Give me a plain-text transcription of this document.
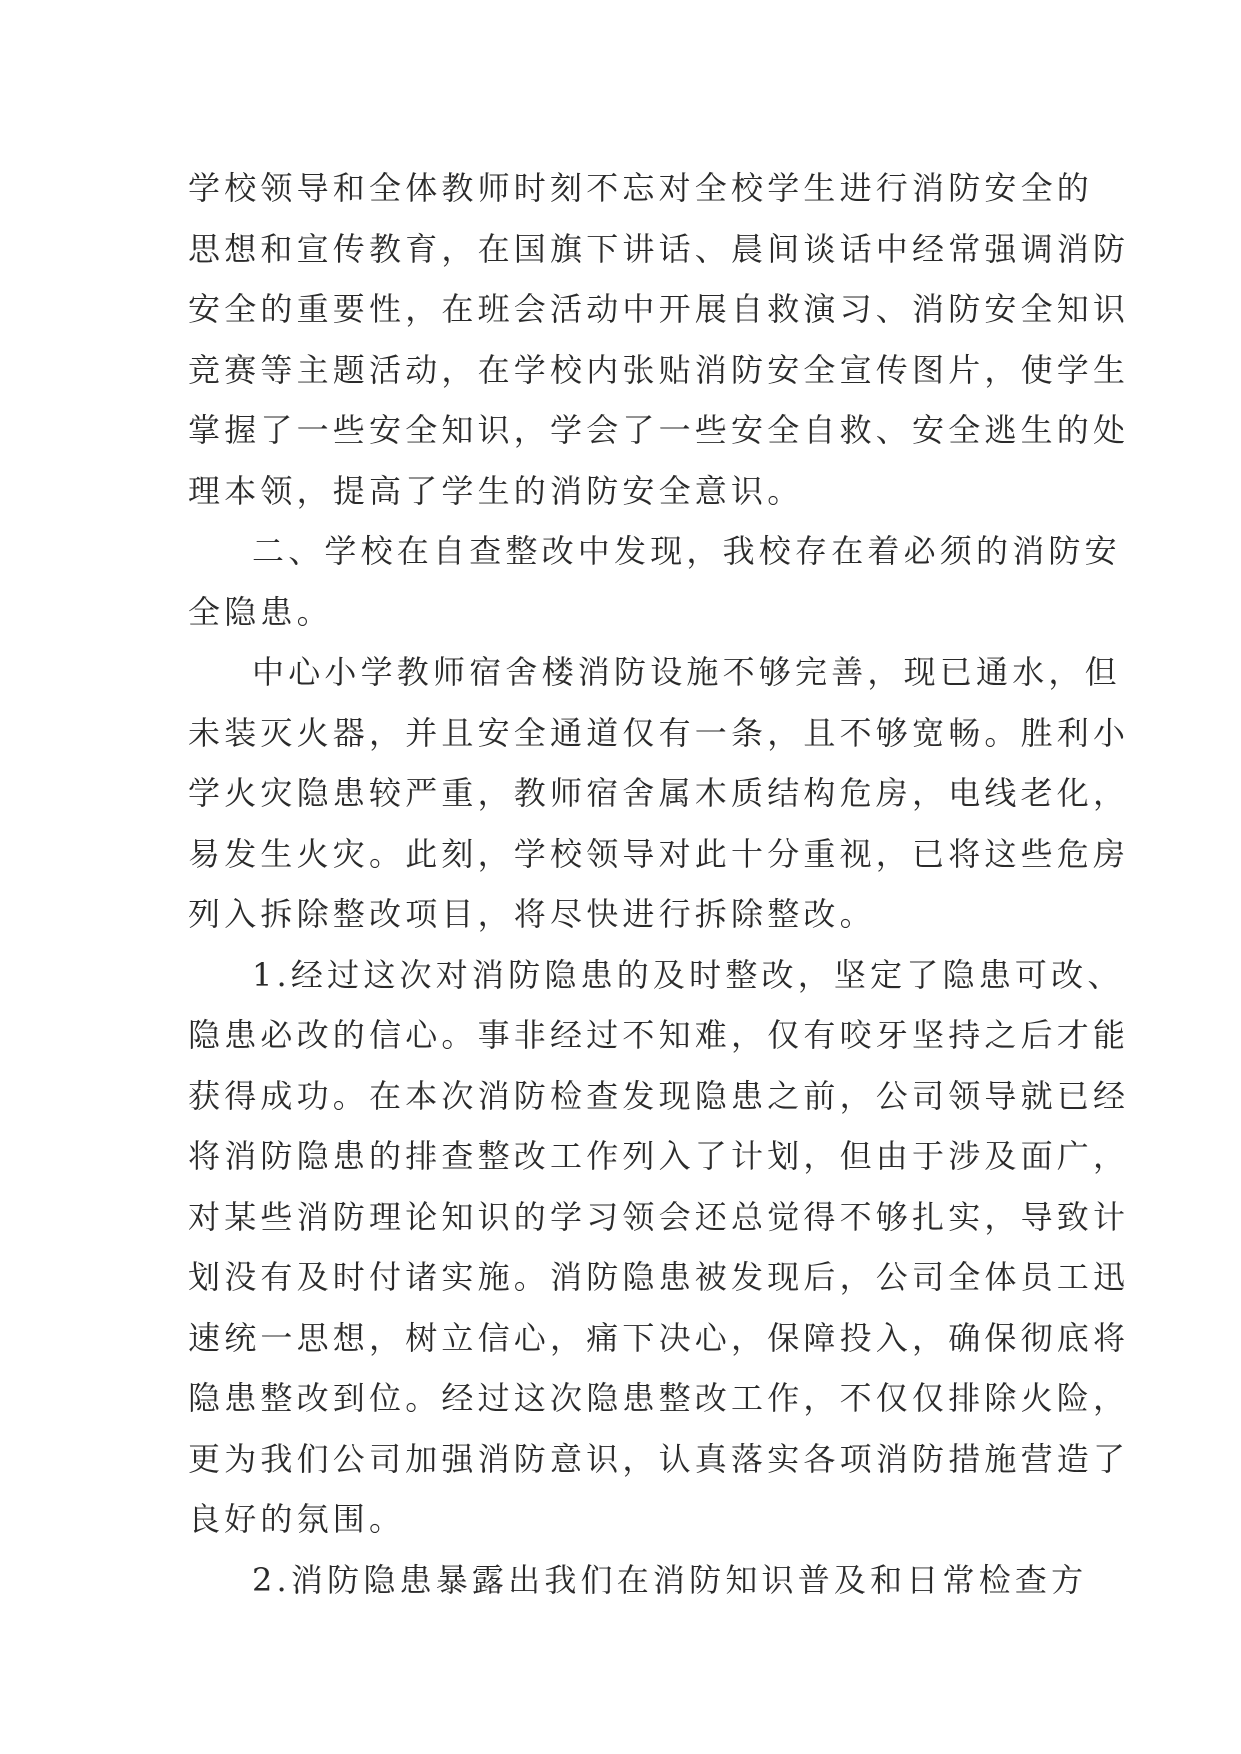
学校领导和全体教师时刻不忘对全校学生进行消防安全的
思想和宣传教育，在国旗下讲话、晨间谈话中经常强调消防
安全的重要性，在班会活动中开展自救演习、消防安全知识
竞赛等主题活动，在学校内张贴消防安全宣传图片，使学生
掌握了一些安全知识，学会了一些安全自救、安全逃生的处
理本领，提高了学生的消防安全意识。
二、学校在自查整改中发现，我校存在着必须的消防安
全隐患。
中心小学教师宿舍楼消防设施不够完善，现已通水，但
未装灭火器，并且安全通道仅有一条，且不够宽畅。胜利小
学火灾隐患较严重，教师宿舍属木质结构危房，电线老化，
易发生火灾。此刻，学校领导对此十分重视，已将这些危房
列入拆除整改项目，将尽快进行拆除整改。
1.经过这次对消防隐患的及时整改，坚定了隐患可改、
隐患必改的信心。事非经过不知难，仅有咬牙坚持之后才能
获得成功。在本次消防检查发现隐患之前，公司领导就已经
将消防隐患的排查整改工作列入了计划，但由于涉及面广，
对某些消防理论知识的学习领会还总觉得不够扎实，导致计
划没有及时付诸实施。消防隐患被发现后，公司全体员工迅
速统一思想，树立信心，痛下决心，保障投入，确保彻底将
隐患整改到位。经过这次隐患整改工作，不仅仅排除火险，
更为我们公司加强消防意识，认真落实各项消防措施营造了
良好的氛围。
2.消防隐患暴露出我们在消防知识普及和日常检查方
